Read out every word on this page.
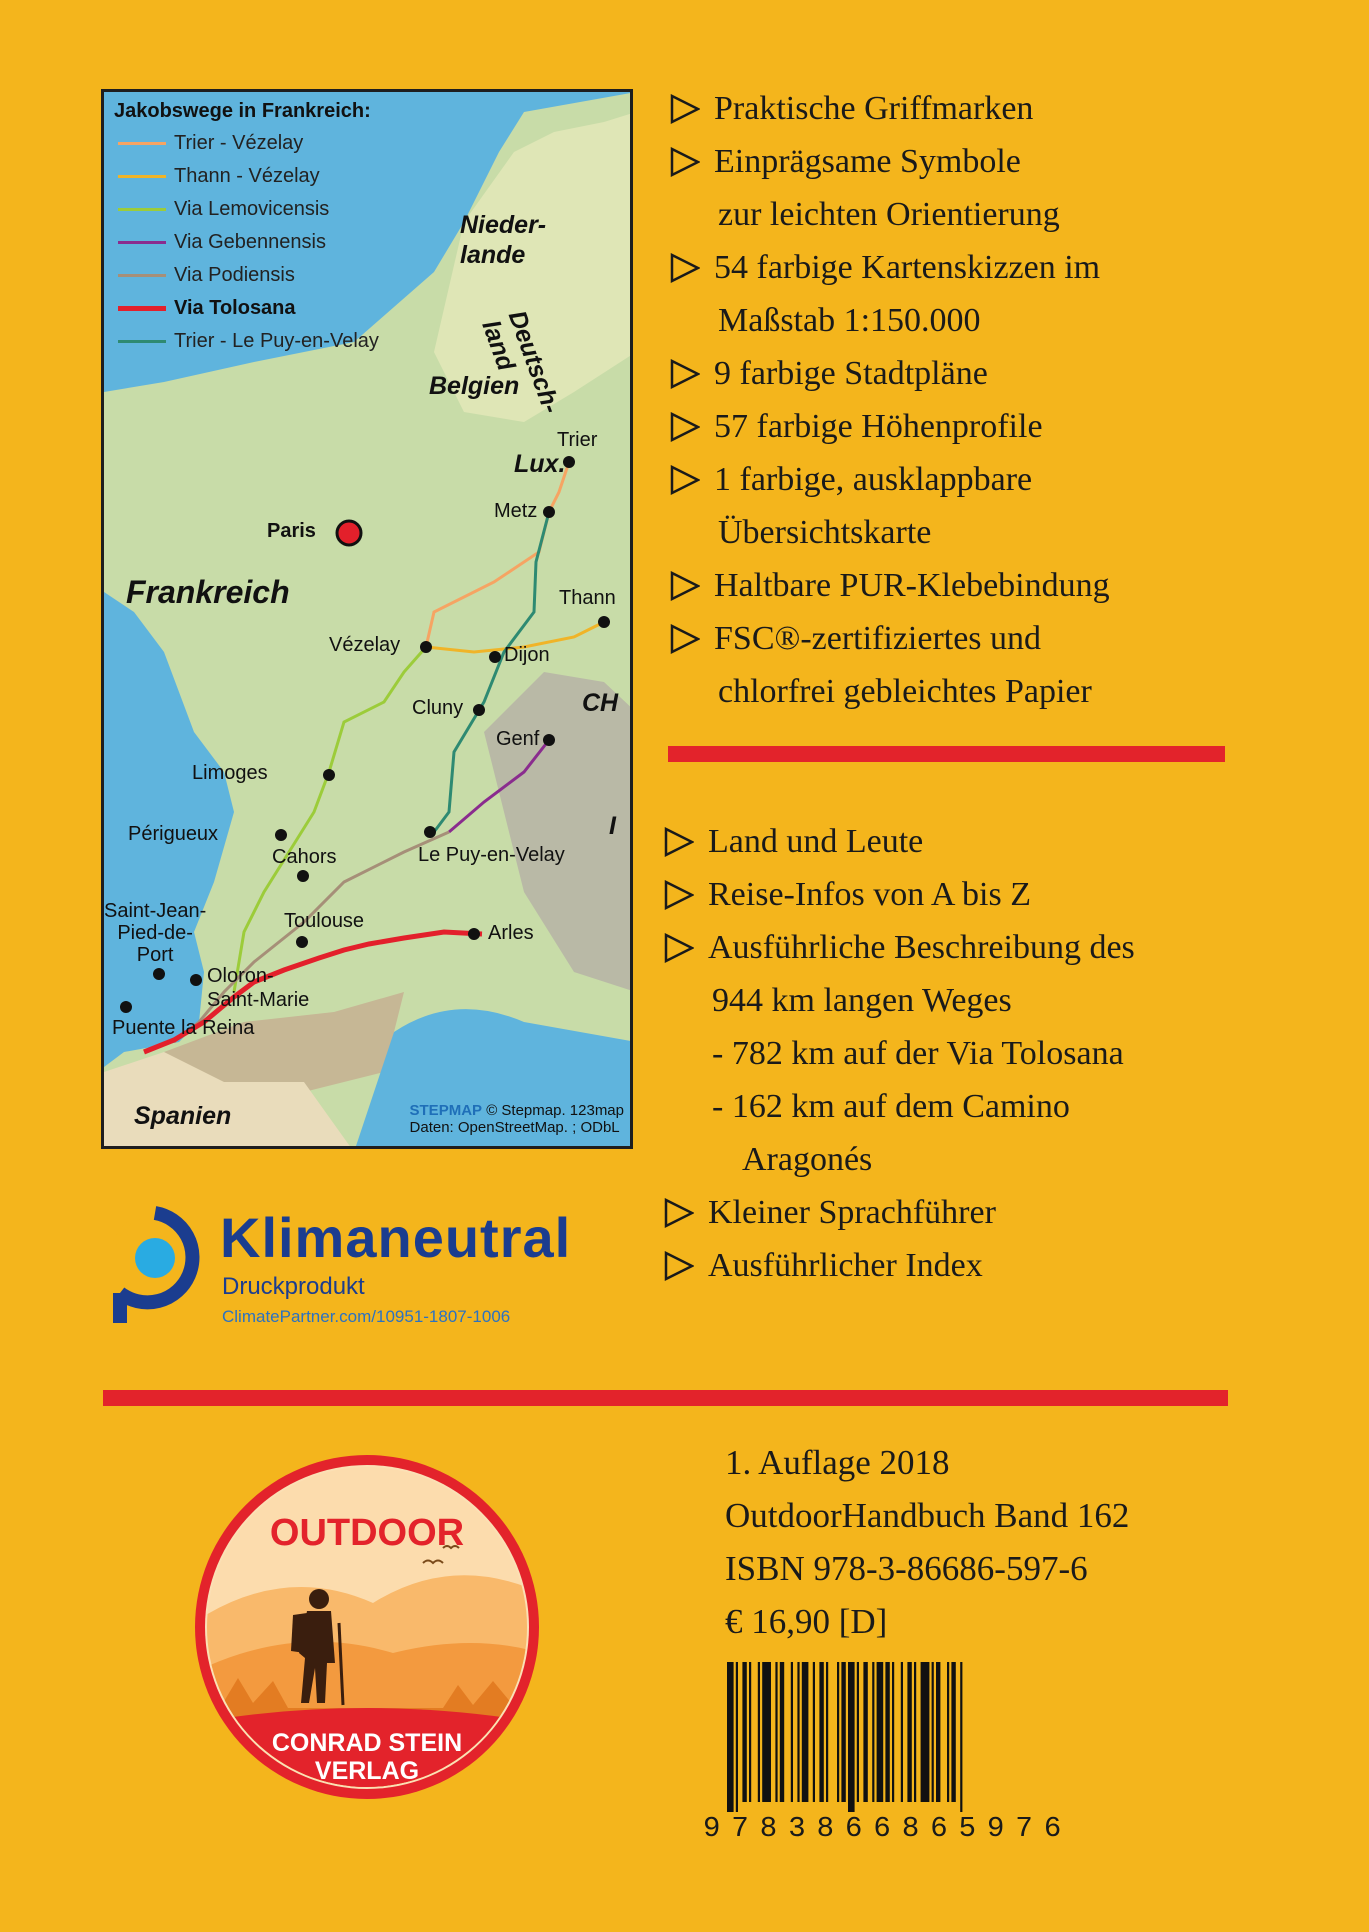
Jakobswege in Frankreich:
Trier - Vézelay
Thann - Vézelay
Via Lemovicensis
Via Gebennensis
Via Podiensis
Via Tolosana
Trier - Le Puy-en-Velay
Nieder-
lande
Deutsch-
land
Belgien
Lux.
Frankreich
CH
I
Spanien
Trier
Metz
Paris
Thann
Vézelay	Dijon
Cluny
Genf
Limoges
Périgueux
Cahors	Le Puy-en-Velay
Saint-Jean-
Pied-de-
Port
Toulouse
Arles
Oloron-
Saint-Marie
Puente la Reina
STEPMAP © Stepmap. 123map
Daten: OpenStreetMap. ; ODbL
Praktische Griffmarken
Einprägsame Symbole
zur leichten Orientierung
54 farbige Kartenskizzen im
Maßstab 1:150.000
9 farbige Stadtpläne
57 farbige Höhenprofile
1 farbige, ausklappbare
Übersichtskarte
Haltbare PUR-Klebebindung
FSC®-zertifiziertes und
chlorfrei gebleichtes Papier
Land und Leute
Reise-Infos von A bis Z
Ausführliche Beschreibung des
944 km langen Weges
- 782 km auf der Via Tolosana
- 162 km auf dem Camino
Aragonés
Kleiner Sprachführer
Ausführlicher Index
Klimaneutral
Druckprodukt
ClimatePartner.com/10951-1807-1006
1. Auflage 2018
OutdoorHandbuch Band 162
ISBN 978-3-86686-597-6
€ 16,90 [D]
OUTDOOR
CONRAD STEIN
VERLAG
9783866865976
